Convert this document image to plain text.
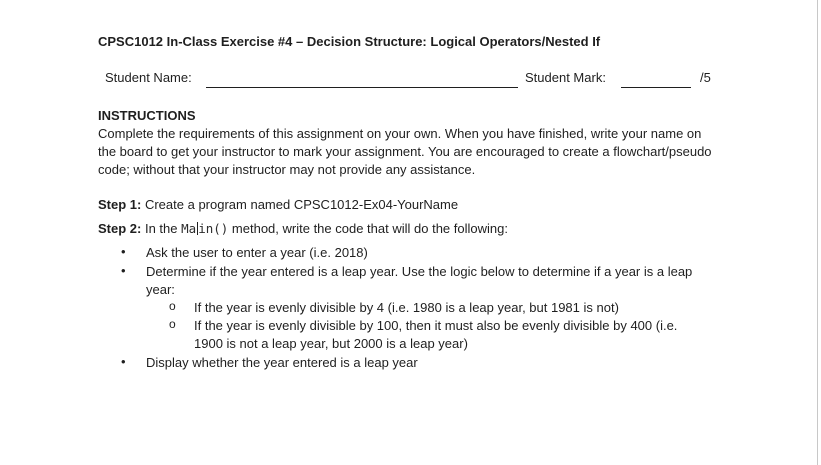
CPSC1012 In-Class Exercise #4 – Decision Structure: Logical Operators/Nested If
Student Name:	Student Mark:	/5
INSTRUCTIONS
Complete the requirements of this assignment on your own. When you have finished, write your name on the board to get your instructor to mark your assignment. You are encouraged to create a flowchart/pseudo code; without that your instructor may not provide any assistance.
Step 1: Create a program named CPSC1012-Ex04-YourName
Step 2: In the Ma in() method, write the code that will do the following:
• Ask the user to enter a year (i.e. 2018)
• Determine if the year entered is a leap year. Use the logic below to determine if a year is a leap year:
o If the year is evenly divisible by 4 (i.e. 1980 is a leap year, but 1981 is not)
o If the year is evenly divisible by 100, then it must also be evenly divisible by 400 (i.e. 1900 is not a leap year, but 2000 is a leap year)
• Display whether the year entered is a leap year
